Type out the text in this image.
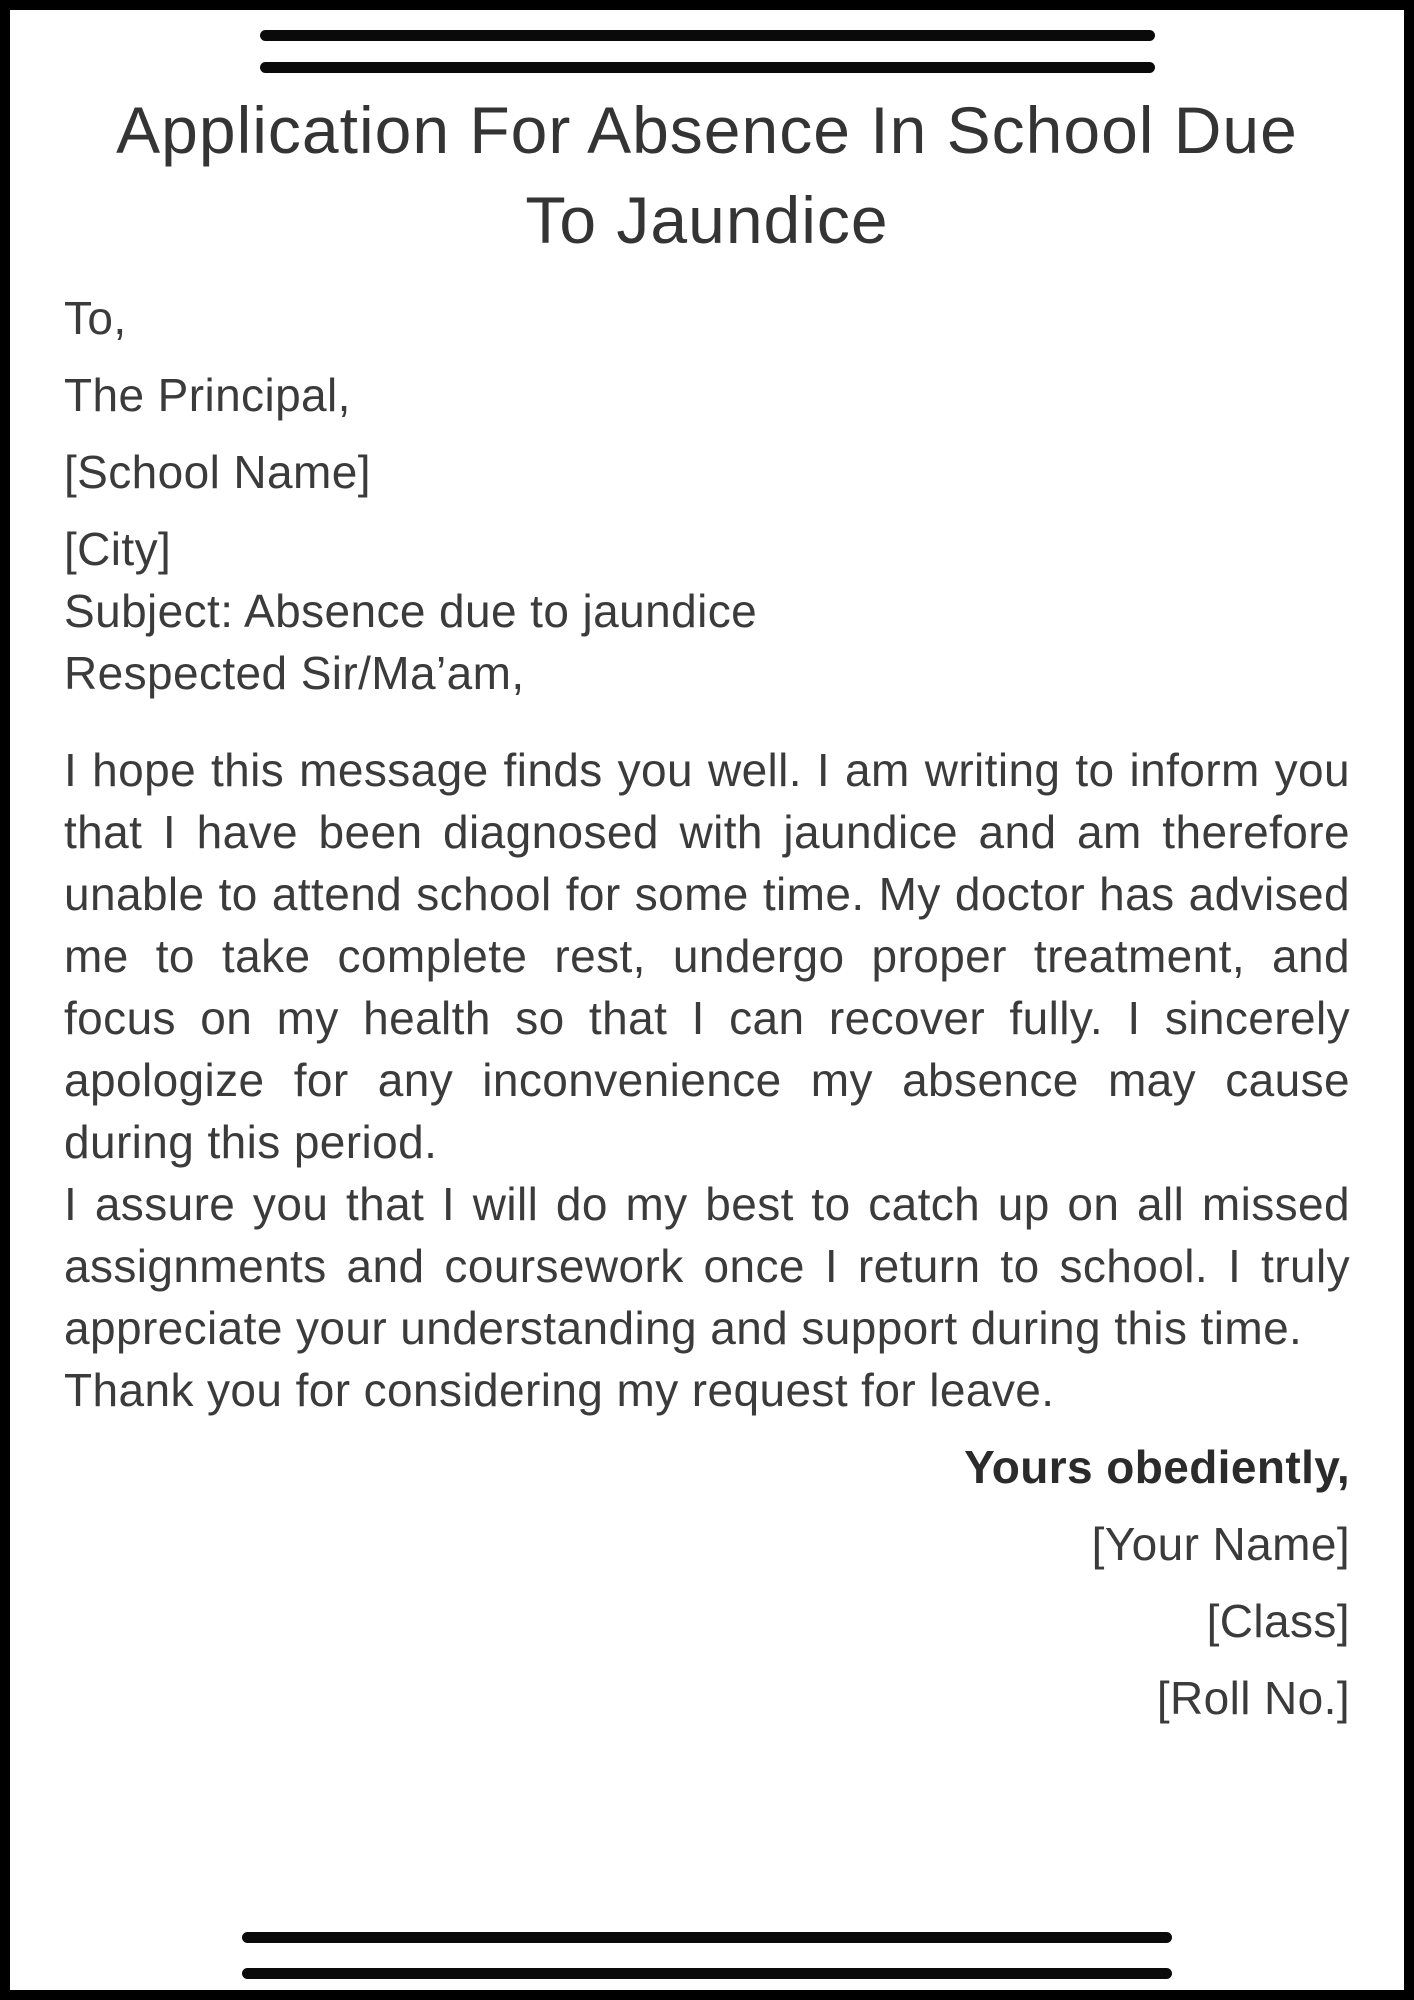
Application For Absence In School Due
To Jaundice

To,

The Principal,

[School Name]

[City]

Subject: Absence due to jaundice

Respected Sir/Ma’am,

I hope this message finds you well. I am writing to inform you that I have been diagnosed with jaundice and am therefore unable to attend school for some time. My doctor has advised me to take complete rest, undergo proper treatment, and focus on my health so that I can recover fully. I sincerely apologize for any inconvenience my absence may cause during this period.

I assure you that I will do my best to catch up on all missed assignments and coursework once I return to school. I truly appreciate your understanding and support during this time.

Thank you for considering my request for leave.

Yours obediently,

[Your Name]

[Class]

[Roll No.]
